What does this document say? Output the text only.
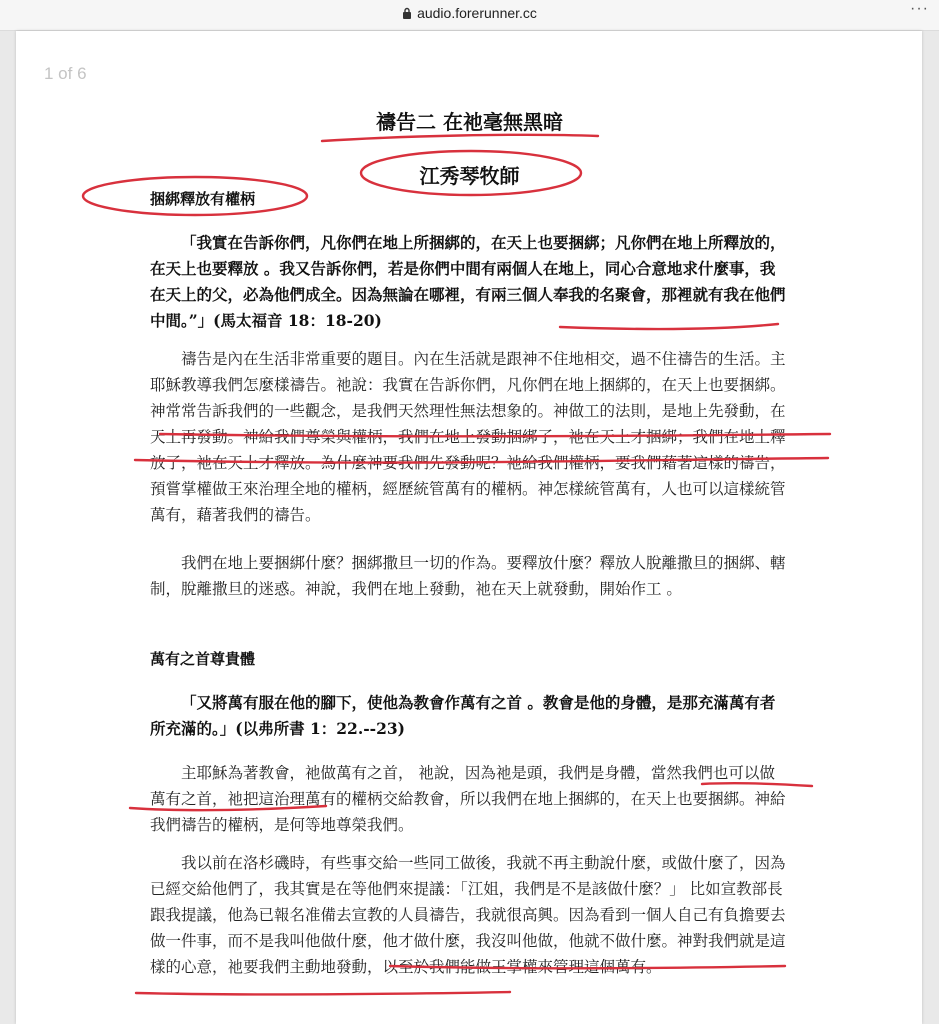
audio.forerunner.cc	···
1 of 6
禱告二 在祂毫無黑暗
江秀琴牧師
捆綁釋放有權柄

「我實在告訴你們，凡你們在地上所捆綁的，在天上也要捆綁；凡你們在地上所釋放的，在天上也要釋放 。我又告訴你們，若是你們中間有兩個人在地上，同心合意地求什麼事，我在天上的父，必為他們成全。因為無論在哪裡，有兩三個人奉我的名聚會，那裡就有我在他們中間。”」(馬太福音 18：18-20)

禱告是內在生活非常重要的題目。內在生活就是跟神不住地相交，過不住禱告的生活。主耶穌教導我們怎麼樣禱告。祂說：我實在告訴你們，凡你們在地上捆綁的，在天上也要捆綁。神常常告訴我們的一些觀念，是我們天然理性無法想象的。神做工的法則，是地上先發動，在天上再發動。神給我們尊榮與權柄，我們在地上發動捆綁了，祂在天上才捆綁；我們在地上釋放了，祂在天上才釋放。為什麼神要我們先發動呢？祂給我們權柄，要我們藉著這樣的禱告，預嘗掌權做王來治理全地的權柄，經歷統管萬有的權柄。神怎樣統管萬有，人也可以這樣統管萬有，藉著我們的禱告。

我們在地上要捆綁什麼？捆綁撒旦一切的作為。要釋放什麼？釋放人脫離撒旦的捆綁、轄制，脫離撒旦的迷惑。神說，我們在地上發動，祂在天上就發動，開始作工 。

萬有之首尊貴體

「又將萬有服在他的腳下，使他為教會作萬有之首 。教會是他的身體，是那充滿萬有者所充滿的。」(以弗所書 1：22.--23)

主耶穌為著教會，祂做萬有之首， 祂說，因為祂是頭，我們是身體，當然我們也可以做萬有之首，祂把這治理萬有的權柄交給教會，所以我們在地上捆綁的，在天上也要捆綁。神給我們禱告的權柄，是何等地尊榮我們。

我以前在洛杉磯時，有些事交給一些同工做後，我就不再主動說什麼，或做什麼了，因為已經交給他們了，我其實是在等他們來提議：「江姐，我們是不是該做什麼？」 比如宣教部長跟我提議，他為已報名准備去宣教的人員禱告，我就很高興。因為看到一個人自己有負擔要去做一件事，而不是我叫他做什麼，他才做什麼，我沒叫他做，他就不做什麼。神對我們就是這樣的心意，祂要我們主動地發動，以至於我們能做王掌權來管理這個萬有。
